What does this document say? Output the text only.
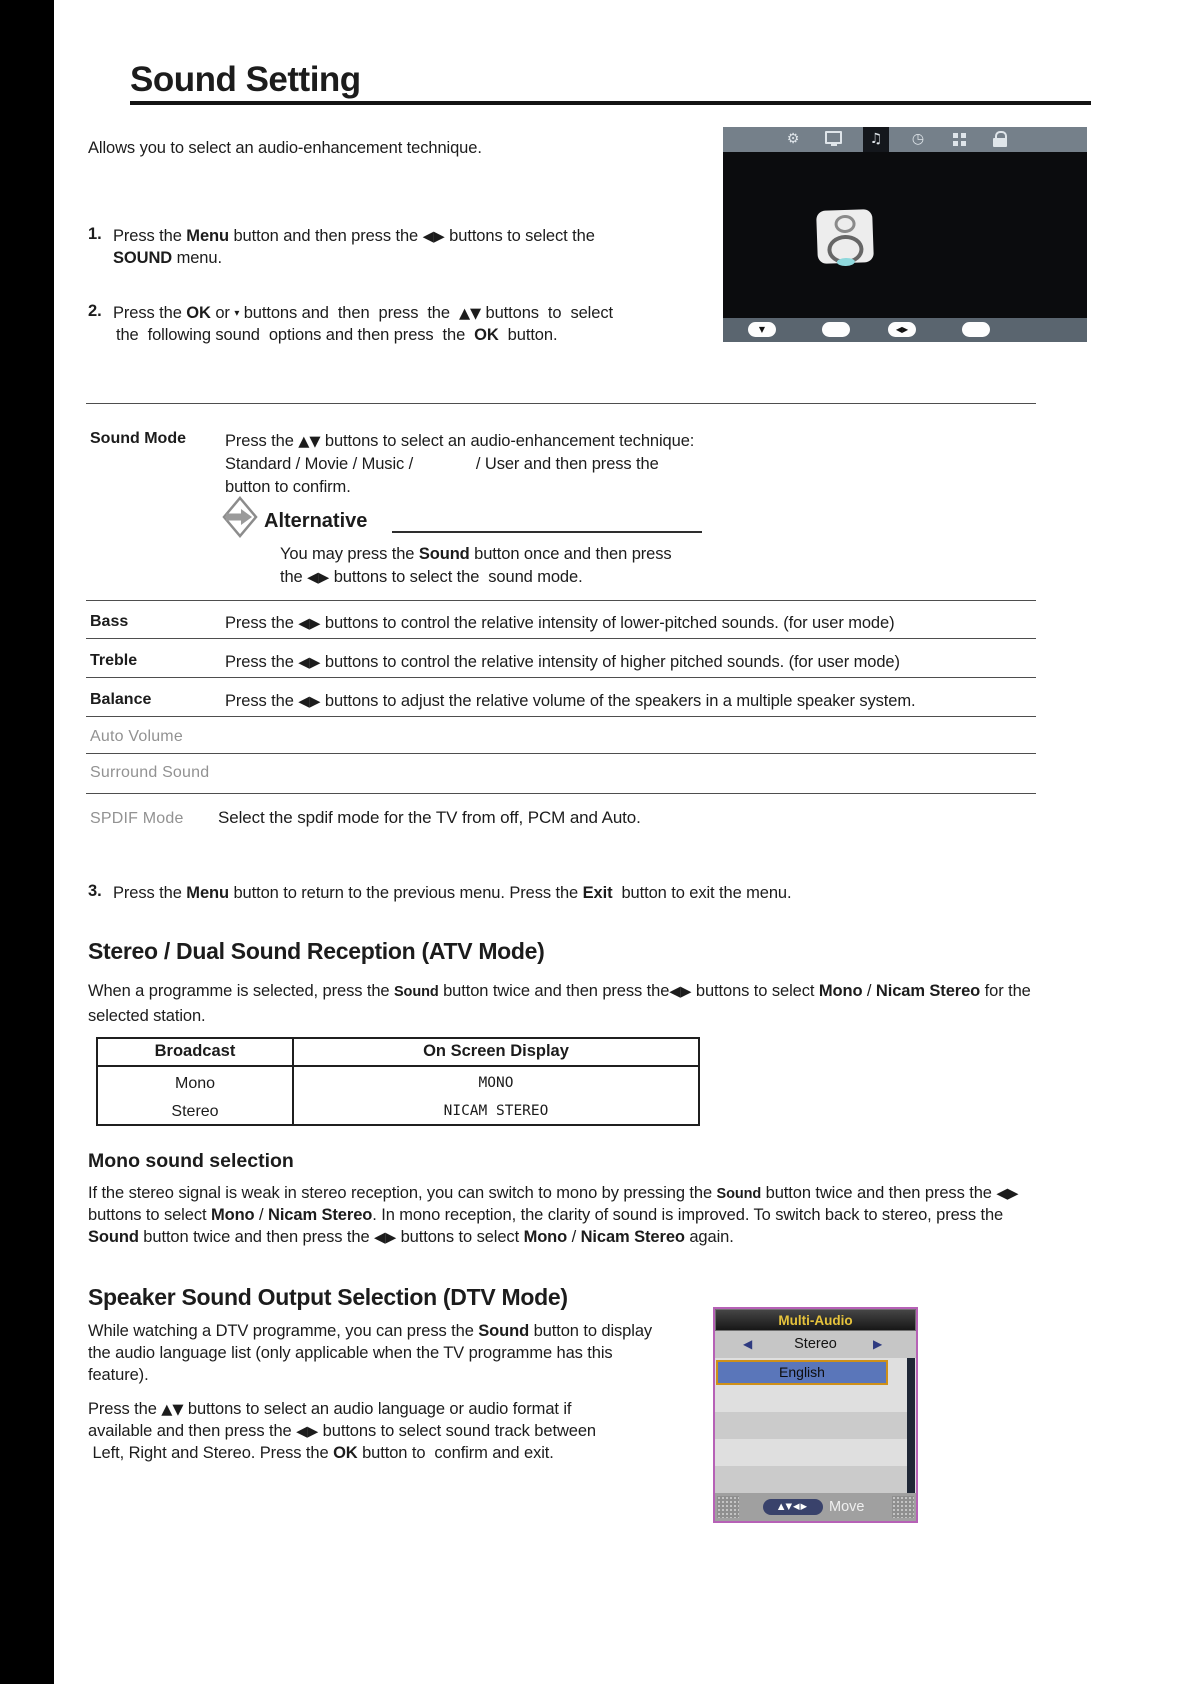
Sound Setting
Allows you to select an audio-enhancement technique.	⚙	♫	◷
▼	◀▶
1. Press the Menu button and then press the ◀▶ buttons to select the
SOUND menu.
2. Press the OK or ▾ buttons and  then  press  the  ▲▼ buttons  to  select
the  following sound  options and then press  the  OK  button.
Sound Mode Press the ▲▼ buttons to select an audio-enhancement technique:
Standard / Movie / Music /              / User and then press the
button to confirm.
Alternative
You may press the Sound button once and then press
the ◀▶ buttons to select the  sound mode.
Bass	Press the ◀▶ buttons to control the relative intensity of lower-pitched sounds. (for user mode)
Treble	Press the ◀▶ buttons to control the relative intensity of higher pitched sounds. (for user mode)
Balance	Press the ◀▶ buttons to adjust the relative volume of the speakers in a multiple speaker system.
Auto Volume
Surround Sound
SPDIF Mode Select the spdif mode for the TV from off, PCM and Auto.
3. Press the Menu button to return to the previous menu. Press the Exit  button to exit the menu.
Stereo / Dual Sound Reception (ATV Mode)
When a programme is selected, press the Sound button twice and then press the◀▶ buttons to select Mono / Nicam Stereo for the
selected station.
Broadcast	On Screen Display
Mono	MONO
Stereo	NICAM STEREO
Mono sound selection
If the stereo signal is weak in stereo reception, you can switch to mono by pressing the Sound button twice and then press the ◀▶
buttons to select Mono / Nicam Stereo. In mono reception, the clarity of sound is improved. To switch back to stereo, press the
Sound button twice and then press the ◀▶ buttons to select Mono / Nicam Stereo again.
Speaker Sound Output Selection (DTV Mode)
While watching a DTV programme, you can press the Sound button to display
the audio language list (only applicable when the TV programme has this
feature).
Press the ▲▼ buttons to select an audio language or audio format if
available and then press the ◀▶ buttons to select sound track between
Left, Right and Stereo. Press the OK button to  confirm and exit.
Multi-Audio
◀	Stereo	▶
English
▲▼◀▶	Move
